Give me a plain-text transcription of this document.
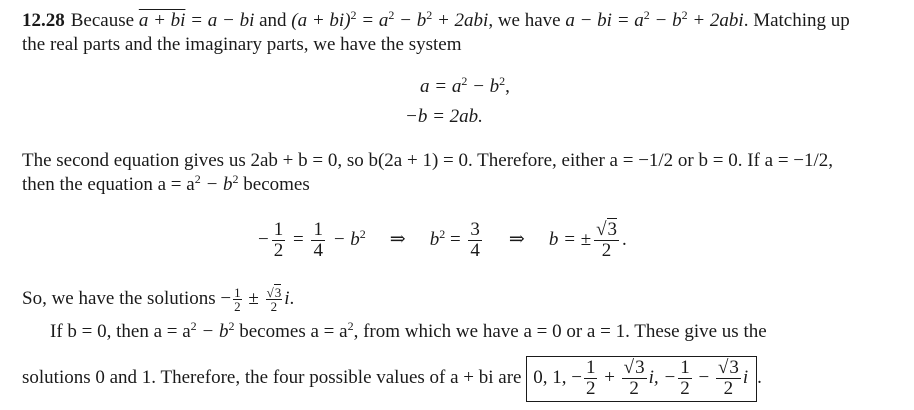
12.28 Because a + bi = a − bi and $(a + bi)^2 = a^2 - b^2 + 2abi$, we have a − bi = $a^2 - b^2 + 2abi$. Matching up
the real parts and the imaginary parts, we have the system
$a = a^2 - b^2$,
−b = 2ab.
The second equation gives us 2ab + b = 0, so b(2a + 1) = 0. Therefore, either a = −1/2 or b = 0. If a = −1/2,
then the equation $a = a^2 - b^2$ becomes
− $\frac{1}{2} = \frac{1}{4} - b^2$ ⇒ $b^2 = \frac{3}{4}$ ⇒ b = ± $\frac{√3}{2}$ .
So, we have the solutions − $\frac{1}{2} \pm \frac{√3}{2} i$.
If b = 0, then $a = a^2 - b^2$ becomes $a = a^2$, from which we have a = 0 or a = 1. These give us the
solutions 0 and 1. Therefore, the four possible values of a + bi are 0, 1, − $\frac{1}{2} + \frac{√3}{2} i$, − $\frac{1}{2} - \frac{√3}{2}$ i .
